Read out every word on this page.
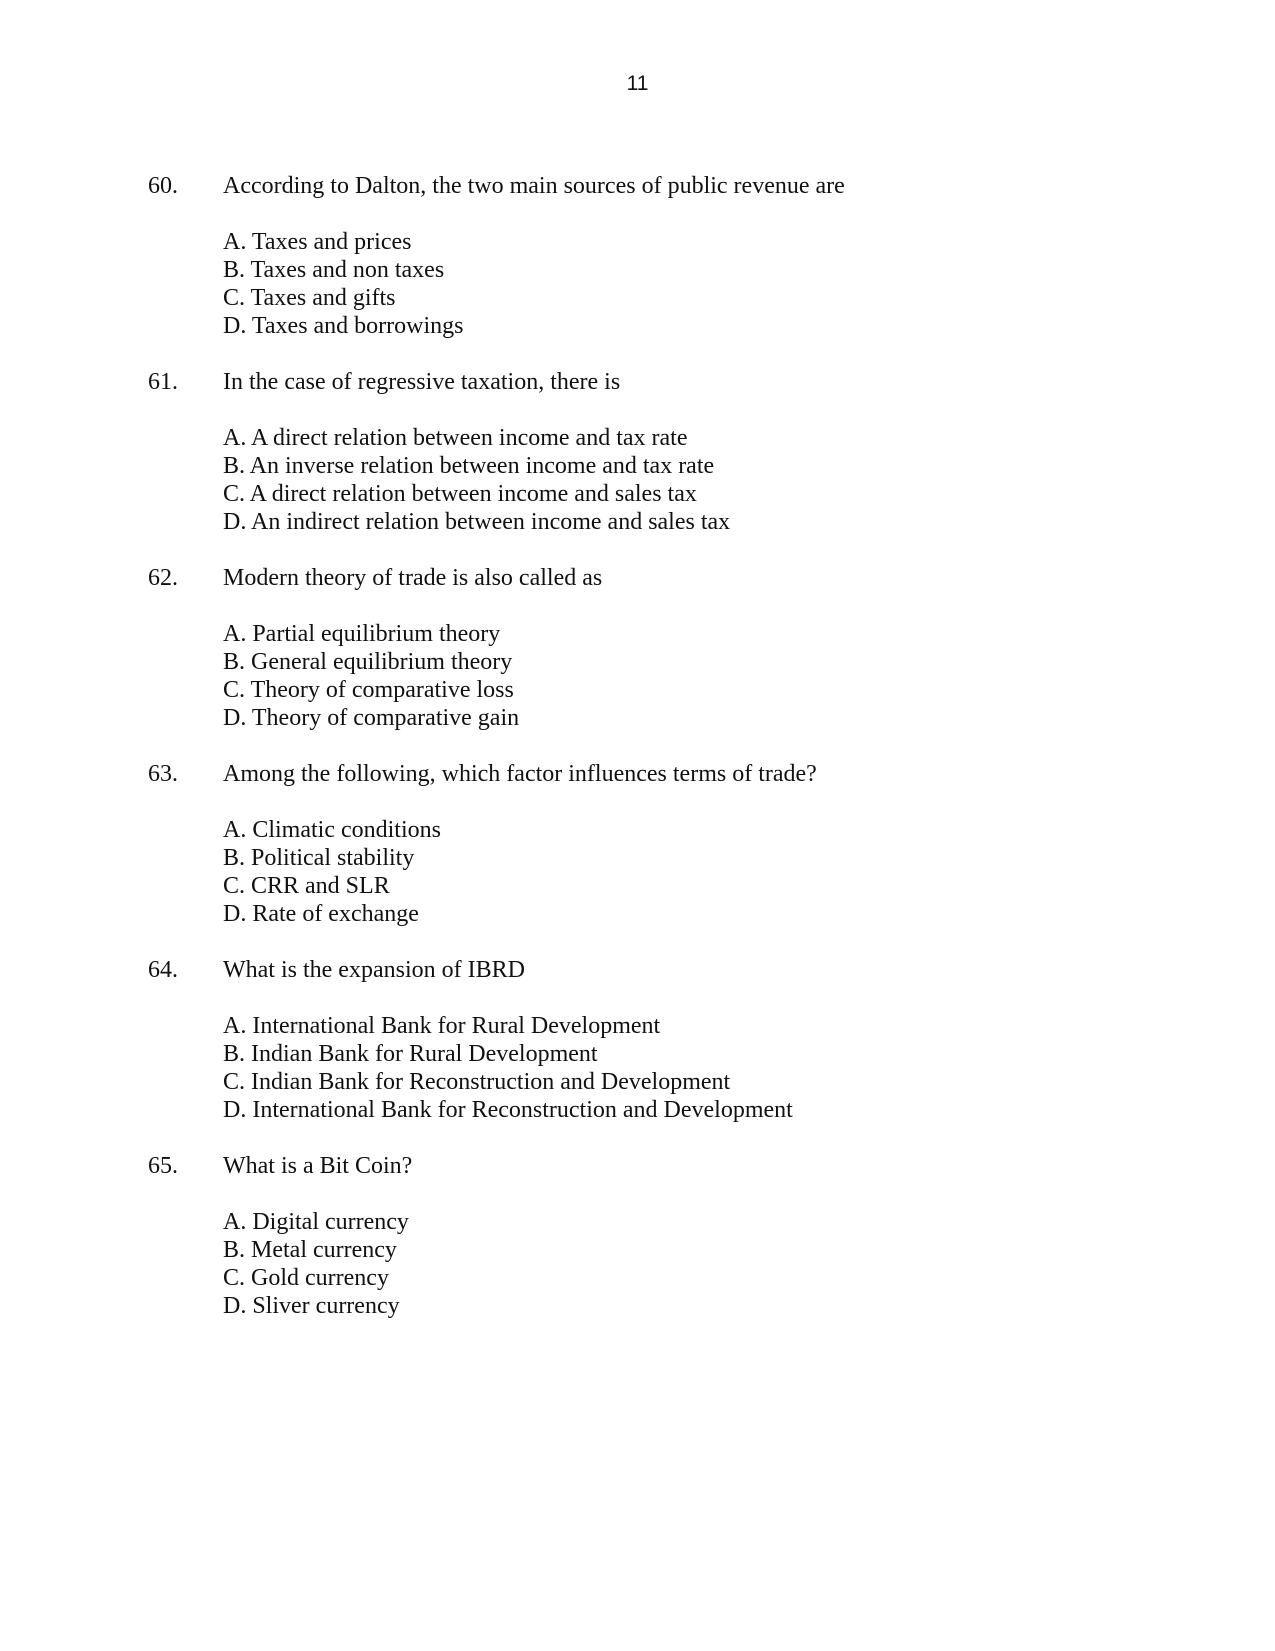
11
60.	According to Dalton, the two main sources of public revenue are
A. Taxes and prices
B. Taxes and non taxes
C. Taxes and gifts
D. Taxes and borrowings
61.	In the case of regressive taxation, there is
A. A direct relation between income and tax rate
B. An inverse relation between income and tax rate
C. A direct relation between income and sales tax
D. An indirect relation between income and sales tax
62.	Modern theory of trade is also called as
A. Partial equilibrium theory
B. General equilibrium theory
C. Theory of comparative loss
D. Theory of comparative gain
63.	Among the following, which factor influences terms of trade?
A. Climatic conditions
B. Political stability
C. CRR and SLR
D. Rate of exchange
64.	What is the expansion of IBRD
A. International Bank for Rural Development
B. Indian Bank for Rural Development
C. Indian Bank for Reconstruction and Development
D. International Bank for Reconstruction and Development
65.	What is a Bit Coin?
A. Digital currency
B. Metal currency
C. Gold currency
D. Sliver currency
